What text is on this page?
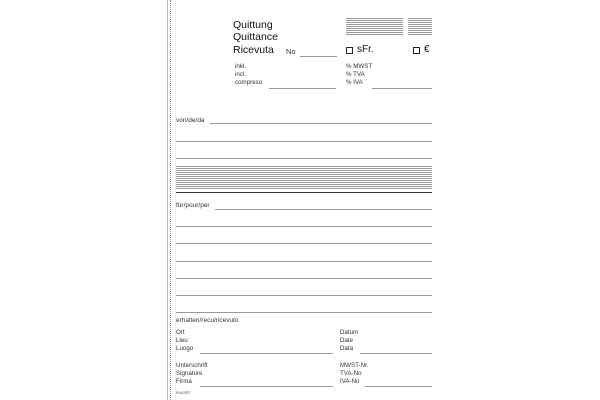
Quittung
Quittance
Ricevuta No	sFr.	€
inkl.
incl.
compreso
% MWST
% TVA
% IVA
von/de/da
für/pour/per
erhalten/recu/ricevuto
Ort
Lieu
Luogo
Datum
Date
Data
Unterschrift
Signature
Firma
MWST-Nr.
TVA-No
IVA-No
R443RT
